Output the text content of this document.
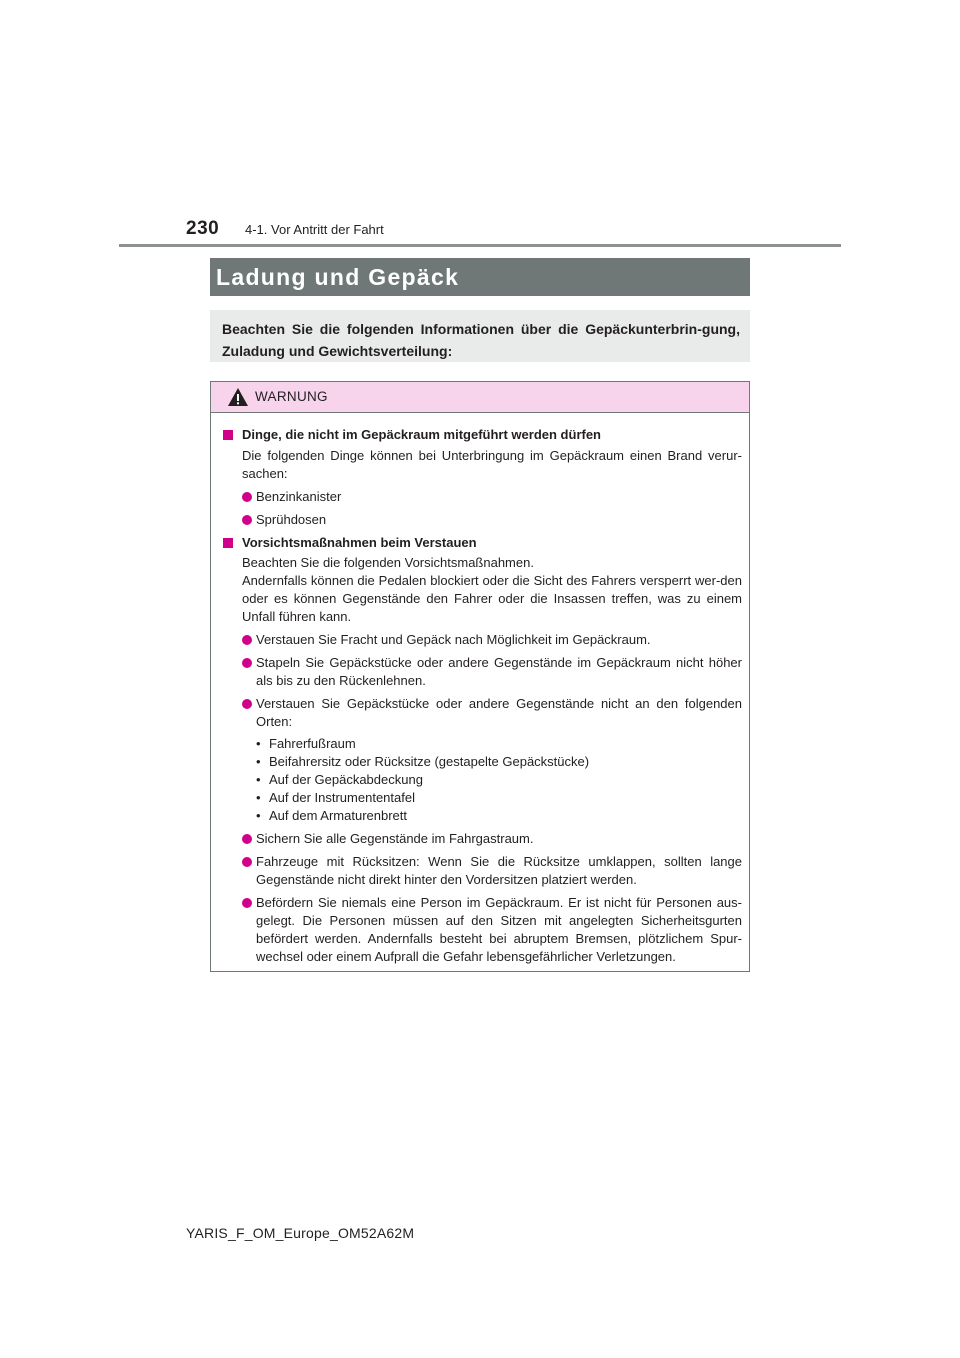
230 4-1. Vor Antritt der Fahrt
Ladung und Gepäck
Beachten Sie die folgenden Informationen über die Gepäckunterbrin-gung, Zuladung und Gewichtsverteilung:
WARNUNG
Dinge, die nicht im Gepäckraum mitgeführt werden dürfen
Die folgenden Dinge können bei Unterbringung im Gepäckraum einen Brand verur-sachen:
Benzinkanister
Sprühdosen
Vorsichtsmaßnahmen beim Verstauen
Beachten Sie die folgenden Vorsichtsmaßnahmen.
Andernfalls können die Pedalen blockiert oder die Sicht des Fahrers versperrt wer-den oder es können Gegenstände den Fahrer oder die Insassen treffen, was zu einem Unfall führen kann.
Verstauen Sie Fracht und Gepäck nach Möglichkeit im Gepäckraum.
Stapeln Sie Gepäckstücke oder andere Gegenstände im Gepäckraum nicht höher als bis zu den Rückenlehnen.
Verstauen Sie Gepäckstücke oder andere Gegenstände nicht an den folgenden Orten:
• Fahrerfußraum
• Beifahrersitz oder Rücksitze (gestapelte Gepäckstücke)
• Auf der Gepäckabdeckung
• Auf der Instrumententafel
• Auf dem Armaturenbrett
Sichern Sie alle Gegenstände im Fahrgastraum.
Fahrzeuge mit Rücksitzen: Wenn Sie die Rücksitze umklappen, sollten lange Gegenstände nicht direkt hinter den Vordersitzen platziert werden.
Befördern Sie niemals eine Person im Gepäckraum. Er ist nicht für Personen aus-gelegt. Die Personen müssen auf den Sitzen mit angelegten Sicherheitsgurten befördert werden. Andernfalls besteht bei abruptem Bremsen, plötzlichem Spur-wechsel oder einem Aufprall die Gefahr lebensgefährlicher Verletzungen.
YARIS_F_OM_Europe_OM52A62M
